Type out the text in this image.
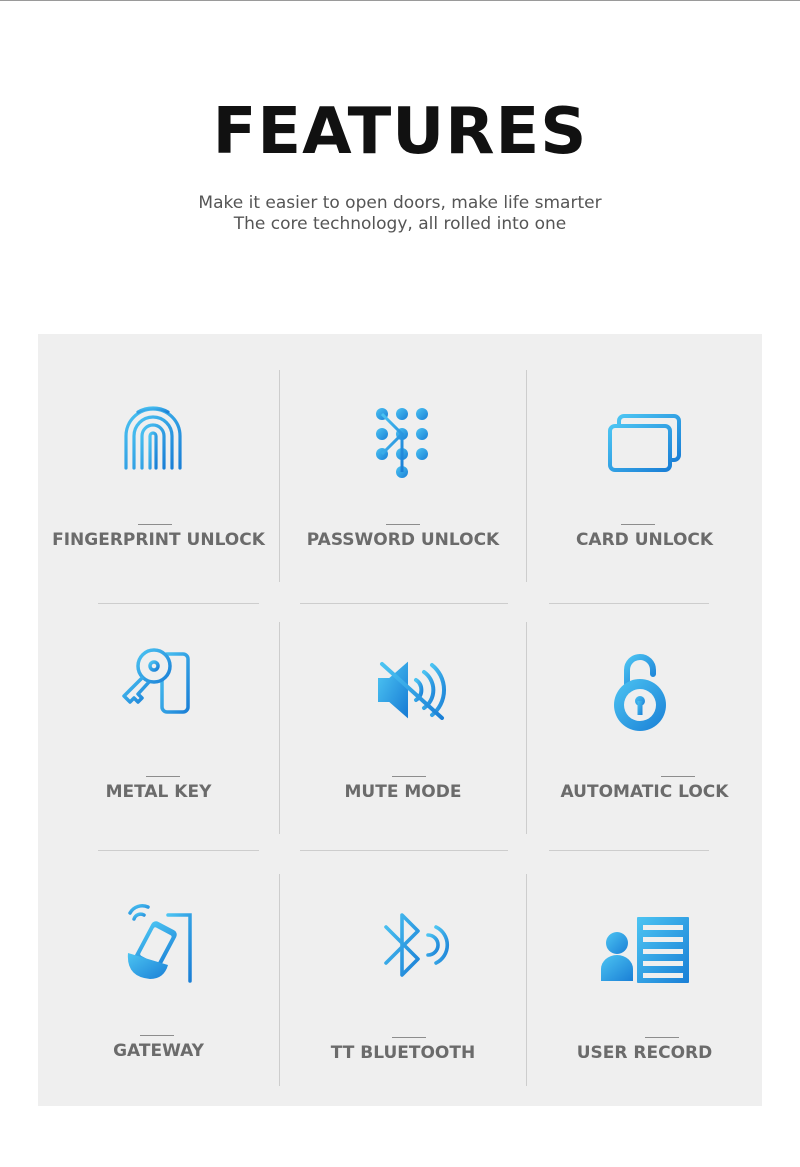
FEATURES
Make it easier to open doors, make life smarter
The core technology, all rolled into one
FINGERPRINT UNLOCK	PASSWORD UNLOCK	CARD UNLOCK
METAL KEY	MUTE MODE	AUTOMATIC LOCK
GATEWAY	TT BLUETOOTH	USER RECORD
